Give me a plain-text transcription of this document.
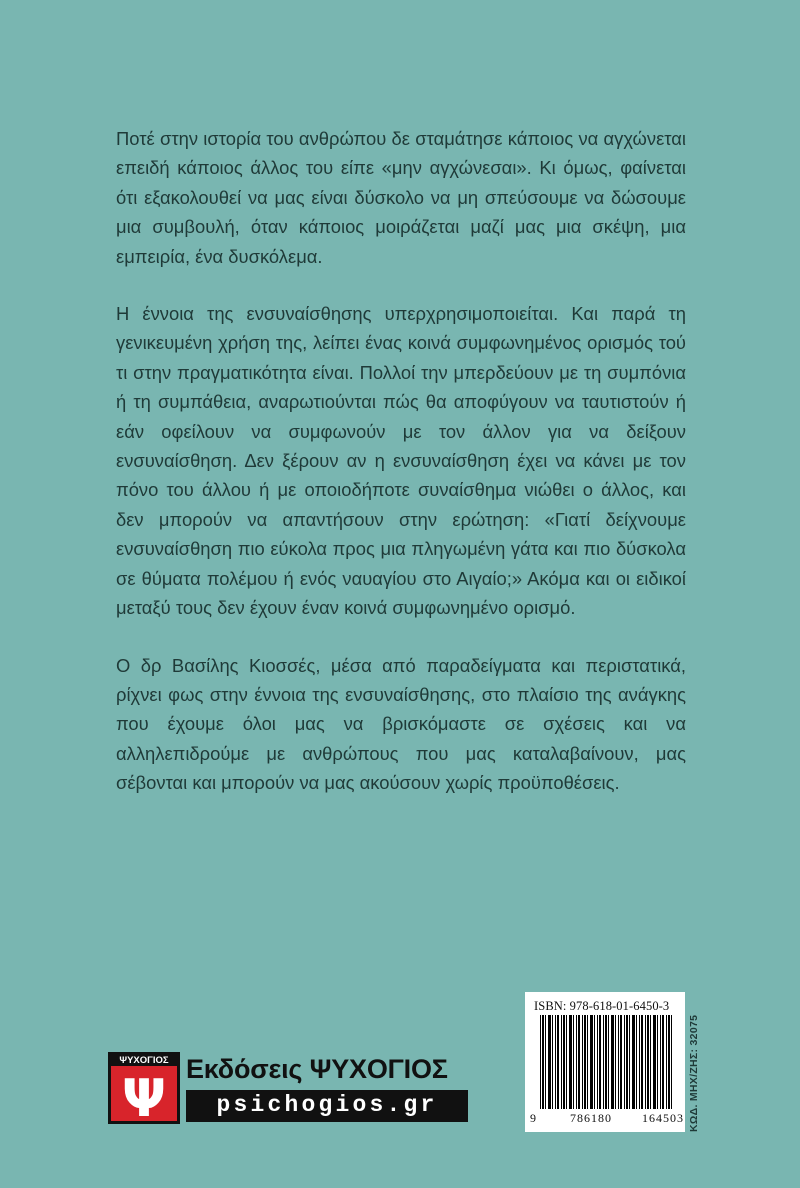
Ποτέ στην ιστορία του ανθρώπου δε σταμάτησε κάποιος να αγχώνεται επειδή κάποιος άλλος του είπε «μην αγχώνεσαι». Κι όμως, φαίνεται ότι εξακολουθεί να μας είναι δύσκολο να μη σπεύσουμε να δώσουμε μια συμβουλή, όταν κάποιος μοιράζεται μαζί μας μια σκέψη, μια εμπειρία, ένα δυσκόλεμα.

Η έννοια της ενσυναίσθησης υπερχρησιμοποιείται. Και παρά τη γενικευμένη χρήση της, λείπει ένας κοινά συμφωνημένος ορισμός τού τι στην πραγματικότητα είναι. Πολλοί την μπερδεύουν με τη συμπόνια ή τη συμπάθεια, αναρωτιούνται πώς θα αποφύγουν να ταυτιστούν ή εάν οφείλουν να συμφωνούν με τον άλλον για να δείξουν ενσυναίσθηση. Δεν ξέρουν αν η ενσυναίσθηση έχει να κάνει με τον πόνο του άλλου ή με οποιοδήποτε συναίσθημα νιώθει ο άλλος, και δεν μπορούν να απαντήσουν στην ερώτηση: «Γιατί δείχνουμε ενσυναίσθηση πιο εύκολα προς μια πληγωμένη γάτα και πιο δύσκολα σε θύματα πολέμου ή ενός ναυαγίου στο Αιγαίο;» Ακόμα και οι ειδικοί μεταξύ τους δεν έχουν έναν κοινά συμφωνημένο ορισμό.

Ο δρ Βασίλης Κιοσσές, μέσα από παραδείγματα και περιστατικά, ρίχνει φως στην έννοια της ενσυναίσθησης, στο πλαίσιο της ανάγκης που έχουμε όλοι μας να βρισκόμαστε σε σχέσεις και να αλληλεπιδρούμε με ανθρώπους που μας καταλαβαίνουν, μας σέβονται και μπορούν να μας ακούσουν χωρίς προϋποθέσεις.

ΨΥΧΟΓΙΟΣ
Ψ Εκδόσεις ΨΥΧΟΓΙΟΣ
psichogios.gr
ISBN: 978-618-01-6450-3
9	786180	164503 ΚΩΔ. ΜΗΧ/ΖΗΣ: 32075
